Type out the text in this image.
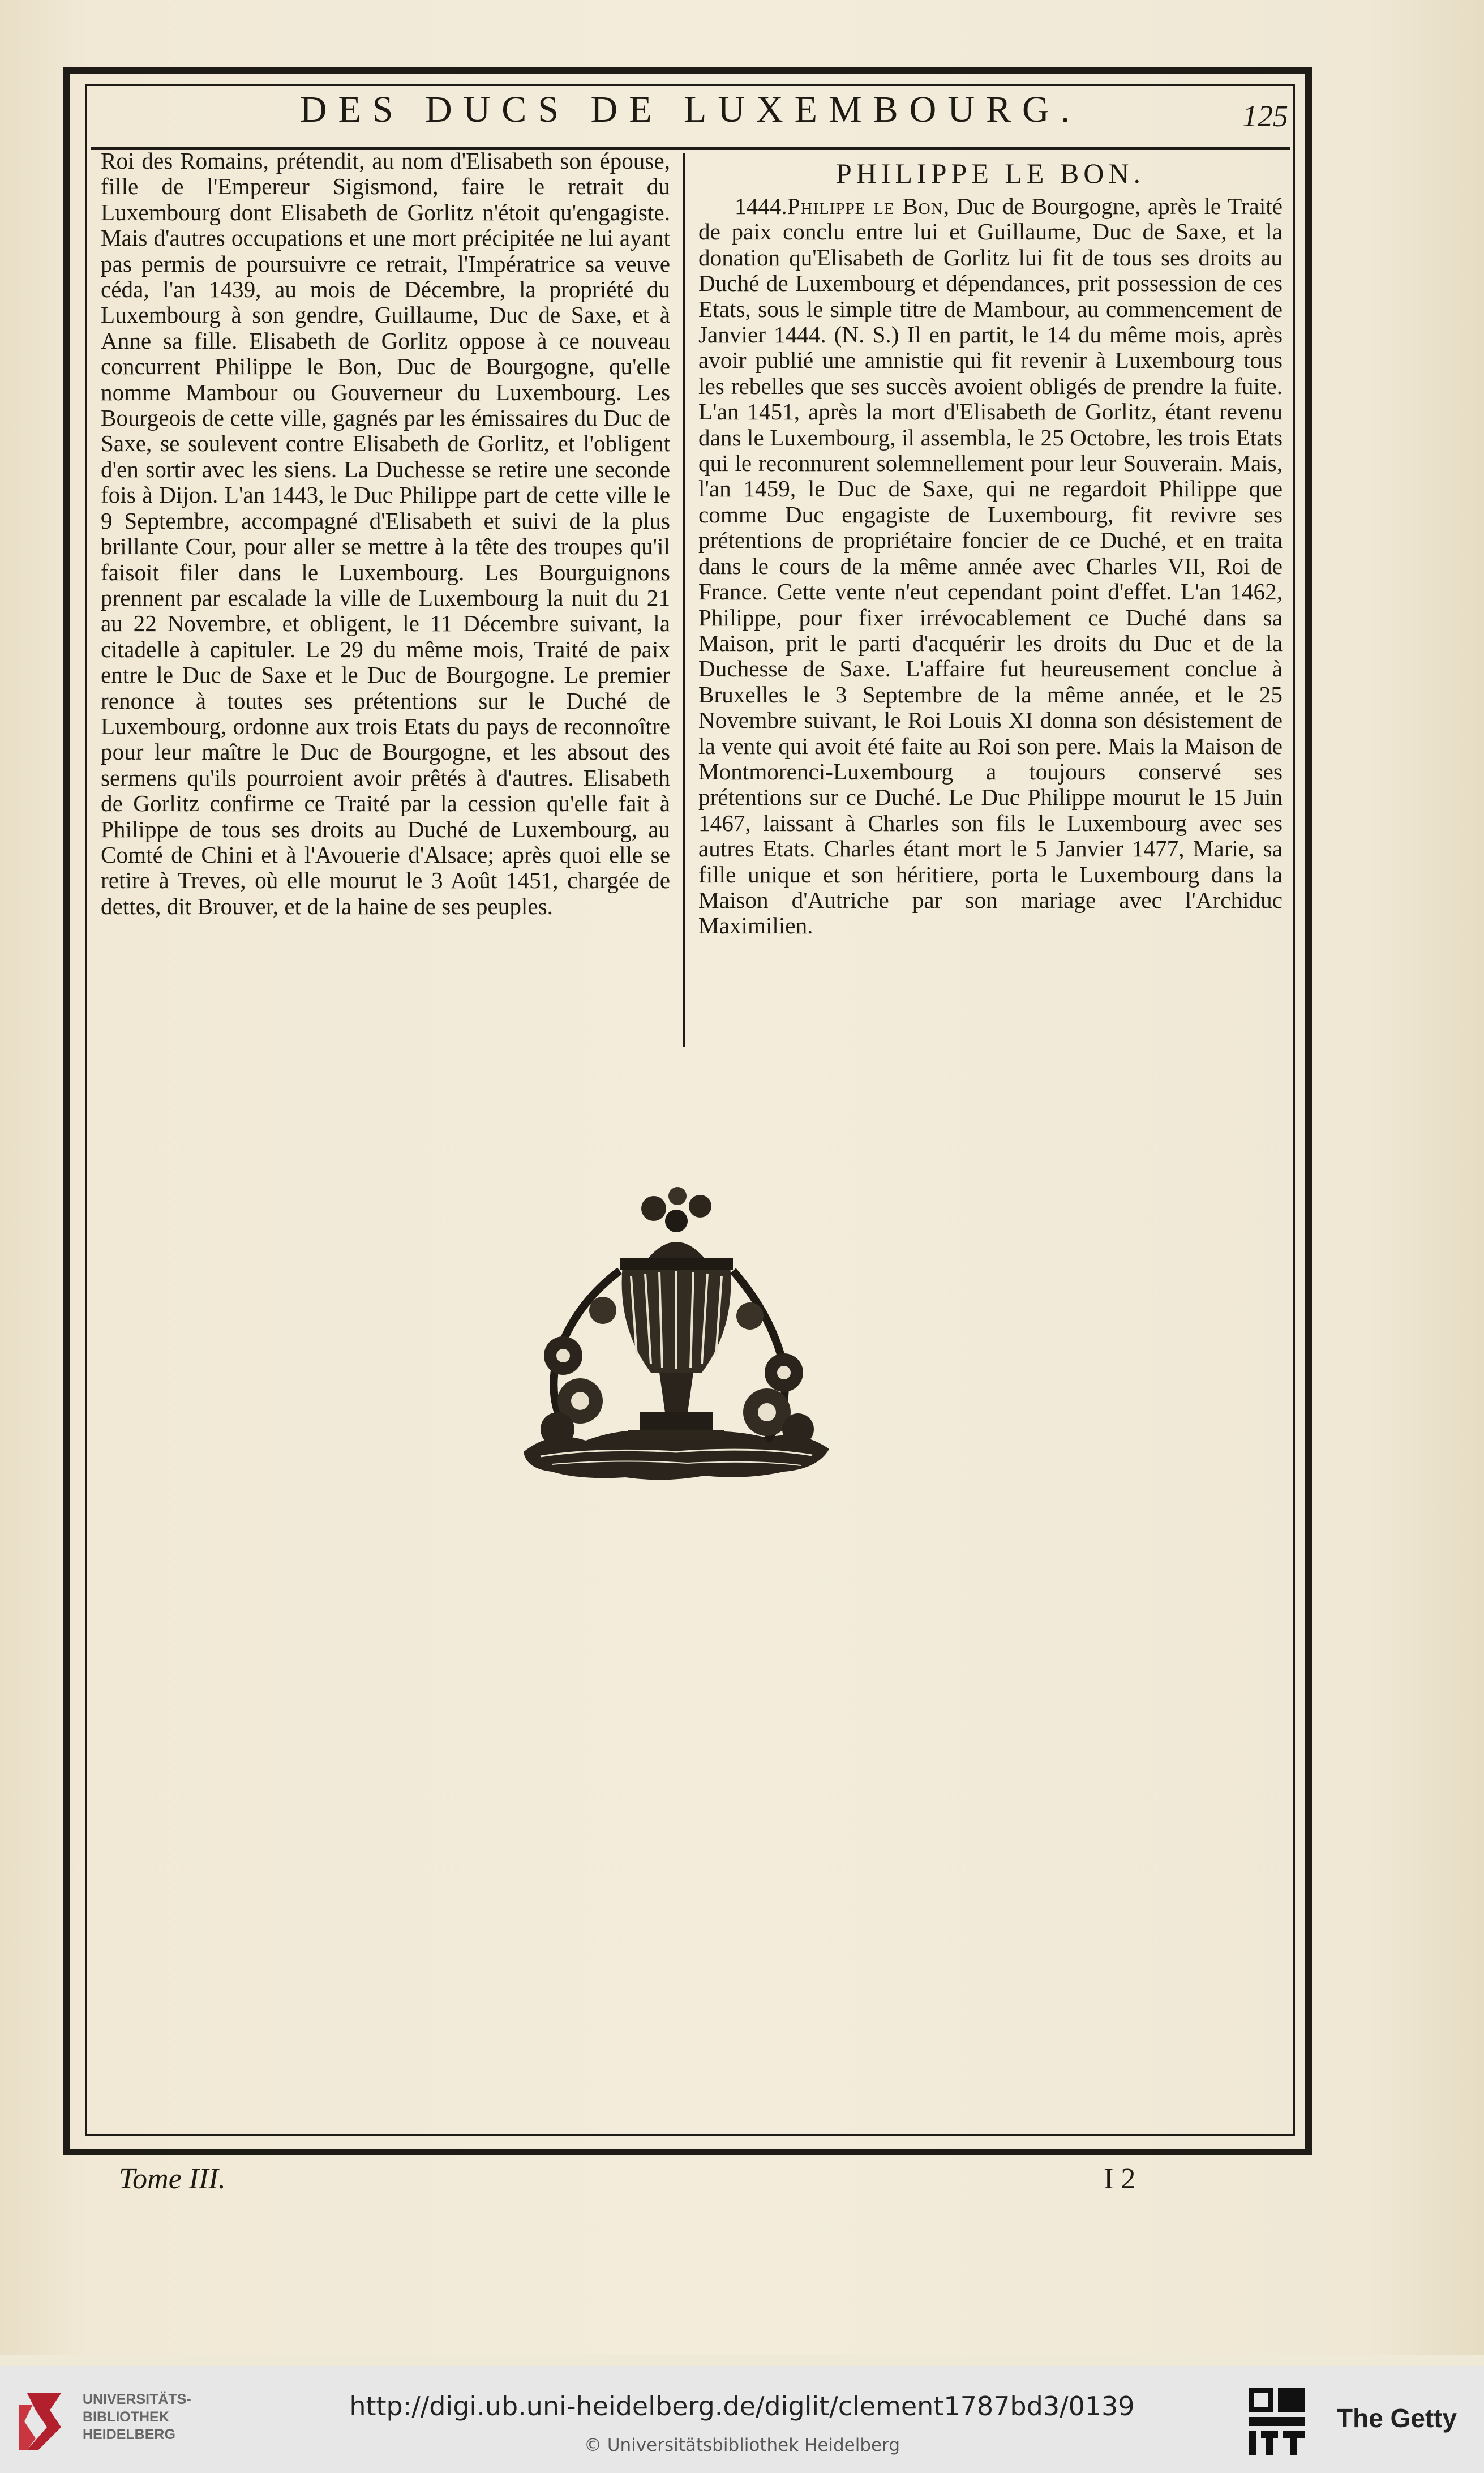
DES DUCS DE LUXEMBOURG.	125

Roi des Romains, prétendit, au nom d'Elisabeth son épouse, fille de l'Empereur Sigismond, faire le retrait du Luxembourg dont Elisabeth de Gorlitz n'étoit qu'engagiste. Mais d'autres occupations et une mort précipitée ne lui ayant pas permis de poursuivre ce retrait, l'Impératrice sa veuve céda, l'an 1439, au mois de Décembre, la propriété du Luxembourg à son gendre, Guillaume, Duc de Saxe, et à Anne sa fille. Elisabeth de Gorlitz oppose à ce nouveau concurrent Philippe le Bon, Duc de Bourgogne, qu'elle nomme Mambour ou Gouverneur du Luxembourg. Les Bourgeois de cette ville, gagnés par les émissaires du Duc de Saxe, se soulevent contre Elisabeth de Gorlitz, et l'obligent d'en sortir avec les siens. La Duchesse se retire une seconde fois à Dijon. L'an 1443, le Duc Philippe part de cette ville le 9 Septembre, accompagné d'Elisabeth et suivi de la plus brillante Cour, pour aller se mettre à la tête des troupes qu'il faisoit filer dans le Luxembourg. Les Bourguignons prennent par escalade la ville de Luxembourg la nuit du 21 au 22 Novembre, et obligent, le 11 Décembre suivant, la citadelle à capituler. Le 29 du même mois, Traité de paix entre le Duc de Saxe et le Duc de Bourgogne. Le premier renonce à toutes ses prétentions sur le Duché de Luxembourg, ordonne aux trois Etats du pays de reconnoître pour leur maître le Duc de Bourgogne, et les absout des sermens qu'ils pourroient avoir prêtés à d'autres. Elisabeth de Gorlitz confirme ce Traité par la cession qu'elle fait à Philippe de tous ses droits au Duché de Luxembourg, au Comté de Chini et à l'Avouerie d'Alsace; après quoi elle se retire à Treves, où elle mourut le 3 Août 1451, chargée de dettes, dit Brouver, et de la haine de ses peuples.

PHILIPPE LE BON.

1444.Philippe le Bon, Duc de Bourgogne, après le Traité de paix conclu entre lui et Guillaume, Duc de Saxe, et la donation qu'Elisabeth de Gorlitz lui fit de tous ses droits au Duché de Luxembourg et dépendances, prit possession de ces Etats, sous le simple titre de Mambour, au commencement de Janvier 1444. (N. S.) Il en partit, le 14 du même mois, après avoir publié une amnistie qui fit revenir à Luxembourg tous les rebelles que ses succès avoient obligés de prendre la fuite. L'an 1451, après la mort d'Elisabeth de Gorlitz, étant revenu dans le Luxembourg, il assembla, le 25 Octobre, les trois Etats qui le reconnurent solemnellement pour leur Souverain. Mais, l'an 1459, le Duc de Saxe, qui ne regardoit Philippe que comme Duc engagiste de Luxembourg, fit revivre ses prétentions de propriétaire foncier de ce Duché, et en traita dans le cours de la même année avec Charles VII, Roi de France. Cette vente n'eut cependant point d'effet. L'an 1462, Philippe, pour fixer irrévocablement ce Duché dans sa Maison, prit le parti d'acquérir les droits du Duc et de la Duchesse de Saxe. L'affaire fut heureusement conclue à Bruxelles le 3 Septembre de la même année, et le 25 Novembre suivant, le Roi Louis XI donna son désistement de la vente qui avoit été faite au Roi son pere. Mais la Maison de Montmorenci-Luxembourg a toujours conservé ses prétentions sur ce Duché. Le Duc Philippe mourut le 15 Juin 1467, laissant à Charles son fils le Luxembourg avec ses autres Etats. Charles étant mort le 5 Janvier 1477, Marie, sa fille unique et son héritiere, porta le Luxembourg dans la Maison d'Autriche par son mariage avec l'Archiduc Maximilien.

Tome III.	I 2
UNIVERSITÄTS-
BIBLIOTHEK
HEIDELBERG
http://digi.ub.uni-heidelberg.de/diglit/clement1787bd3/0139
© Universitätsbibliothek Heidelberg
The Getty
